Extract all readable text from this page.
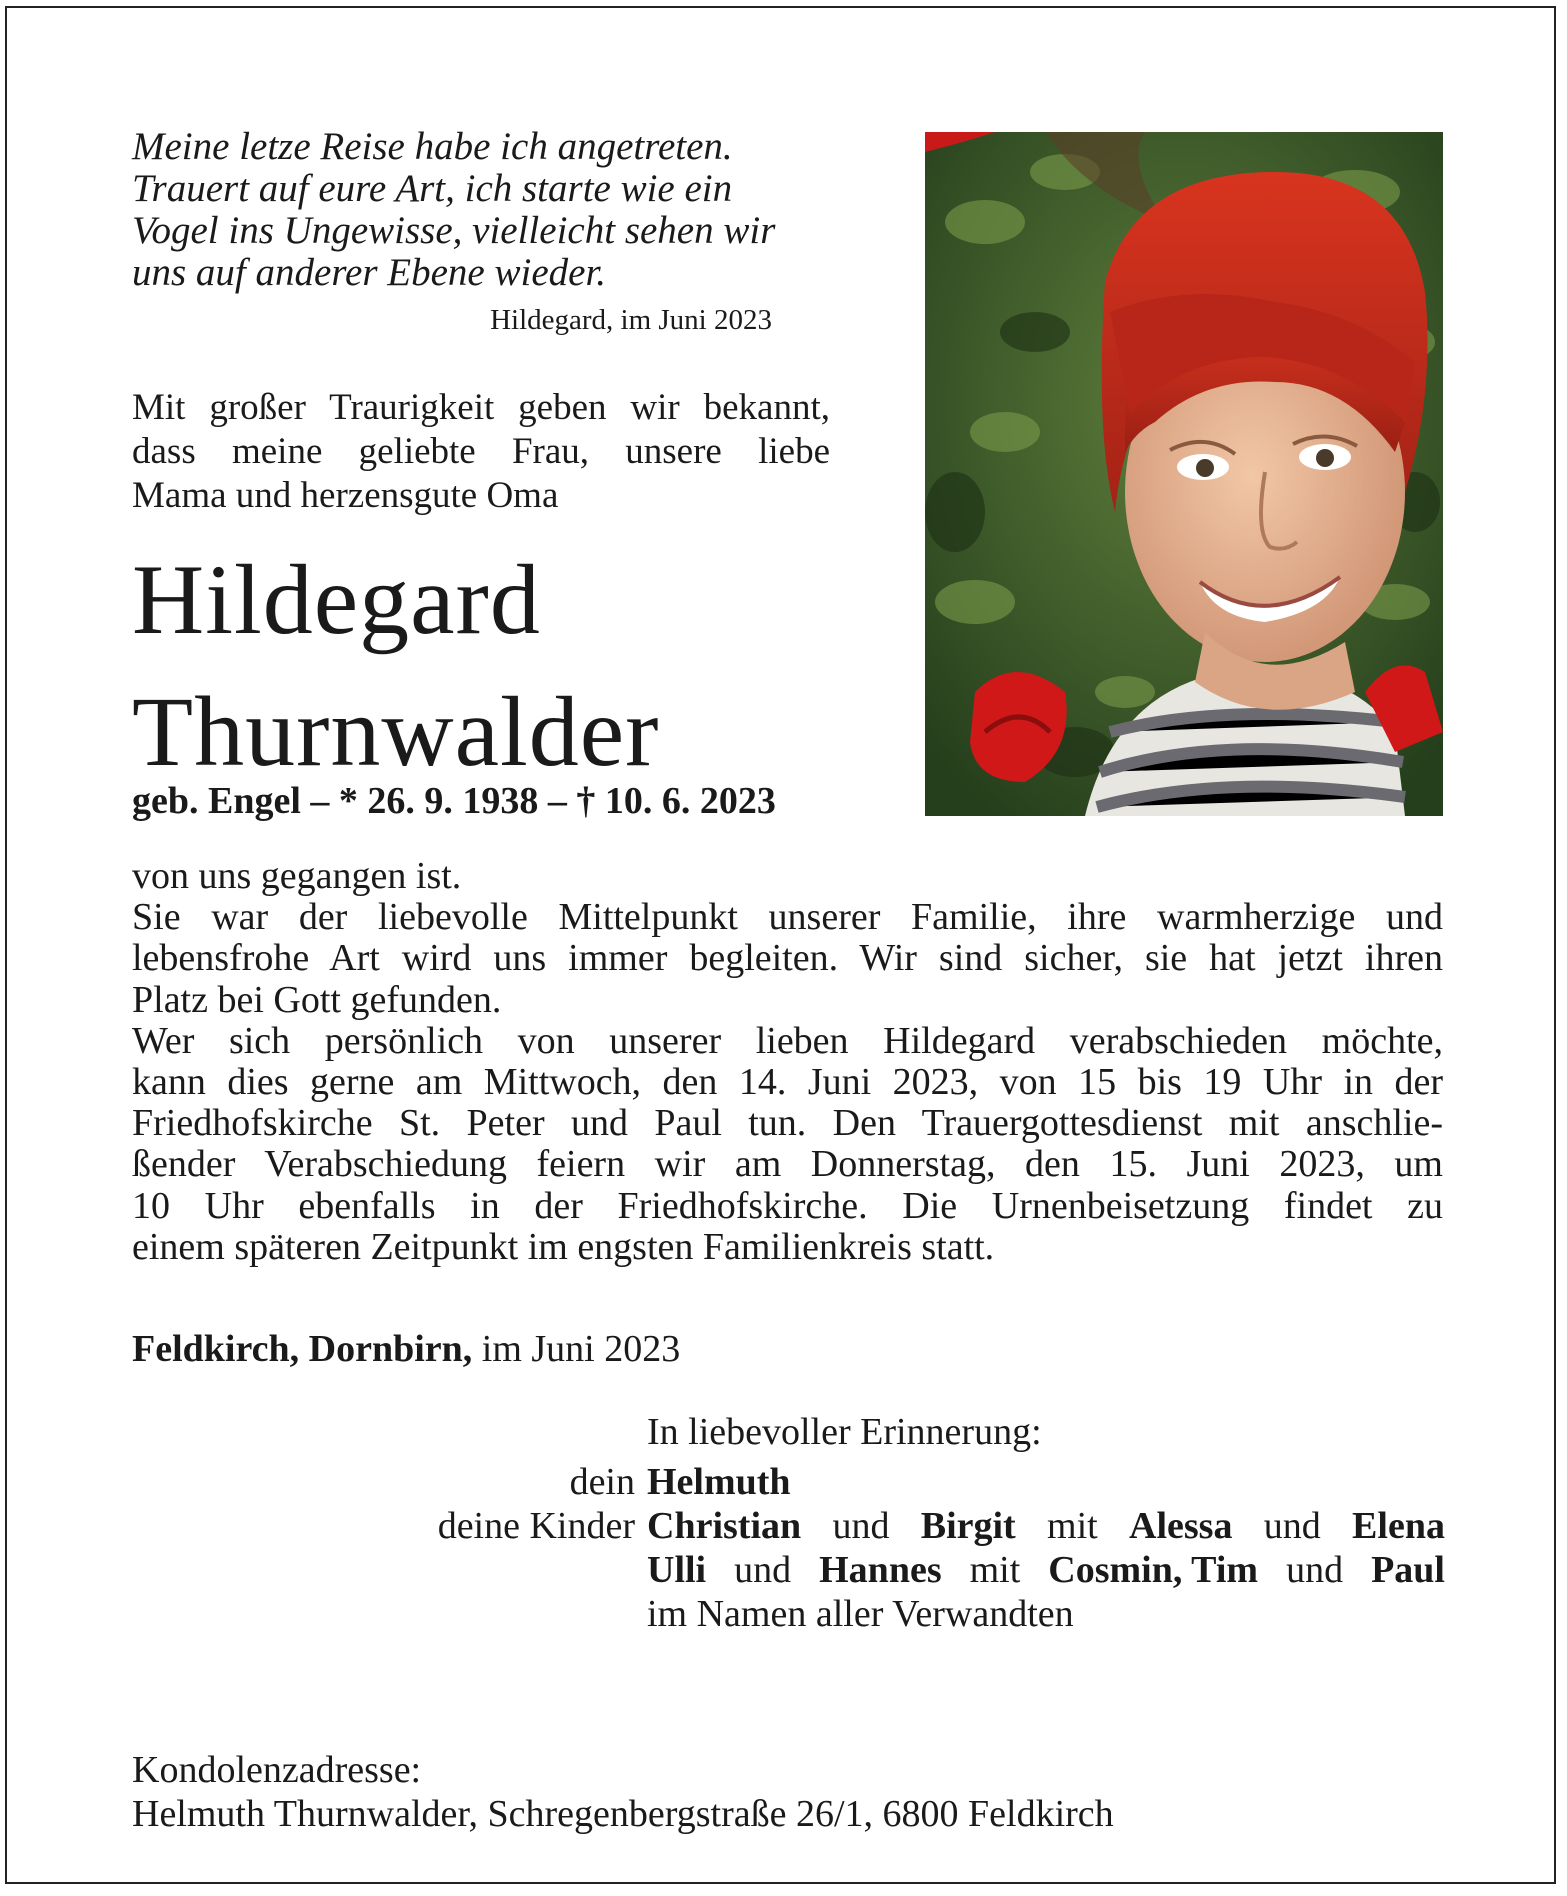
Meine letze Reise habe ich angetreten.
Trauert auf eure Art, ich starte wie ein
Vogel ins Ungewisse, vielleicht sehen wir
uns auf anderer Ebene wieder.

Hildegard, im Juni 2023
Mit großer Traurigkeit geben wir bekannt,
dass meine geliebte Frau, unsere liebe
Mama und herzensgute Oma
Hildegard
Thurnwalder
geb. Engel – * 26. 9. 1938 – † 10. 6. 2023
von uns gegangen ist.
Sie war der liebevolle Mittelpunkt unserer Familie, ihre warmherzige und
lebensfrohe Art wird uns immer begleiten. Wir sind sicher, sie hat jetzt ihren
Platz bei Gott gefunden.
Wer sich persönlich von unserer lieben Hildegard verabschieden möchte,
kann dies gerne am Mittwoch, den 14. Juni 2023, von 15 bis 19 Uhr in der
Friedhofskirche St. Peter und Paul tun. Den Trauergottesdienst mit anschlie-
ßender Verabschiedung feiern wir am Donnerstag, den 15. Juni 2023, um
10 Uhr ebenfalls in der Friedhofskirche. Die Urnenbeisetzung findet zu
einem späteren Zeitpunkt im engsten Familienkreis statt.
Feldkirch, Dornbirn, im Juni 2023
In liebevoller Erinnerung:
dein Helmuth
deine Kinder Christian und Birgit mit Alessa und Elena
Ulli und Hannes mit Cosmin, Tim und Paul
im Namen aller Verwandten
Kondolenzadresse:
Helmuth Thurnwalder, Schregenbergstraße 26/1, 6800 Feldkirch
